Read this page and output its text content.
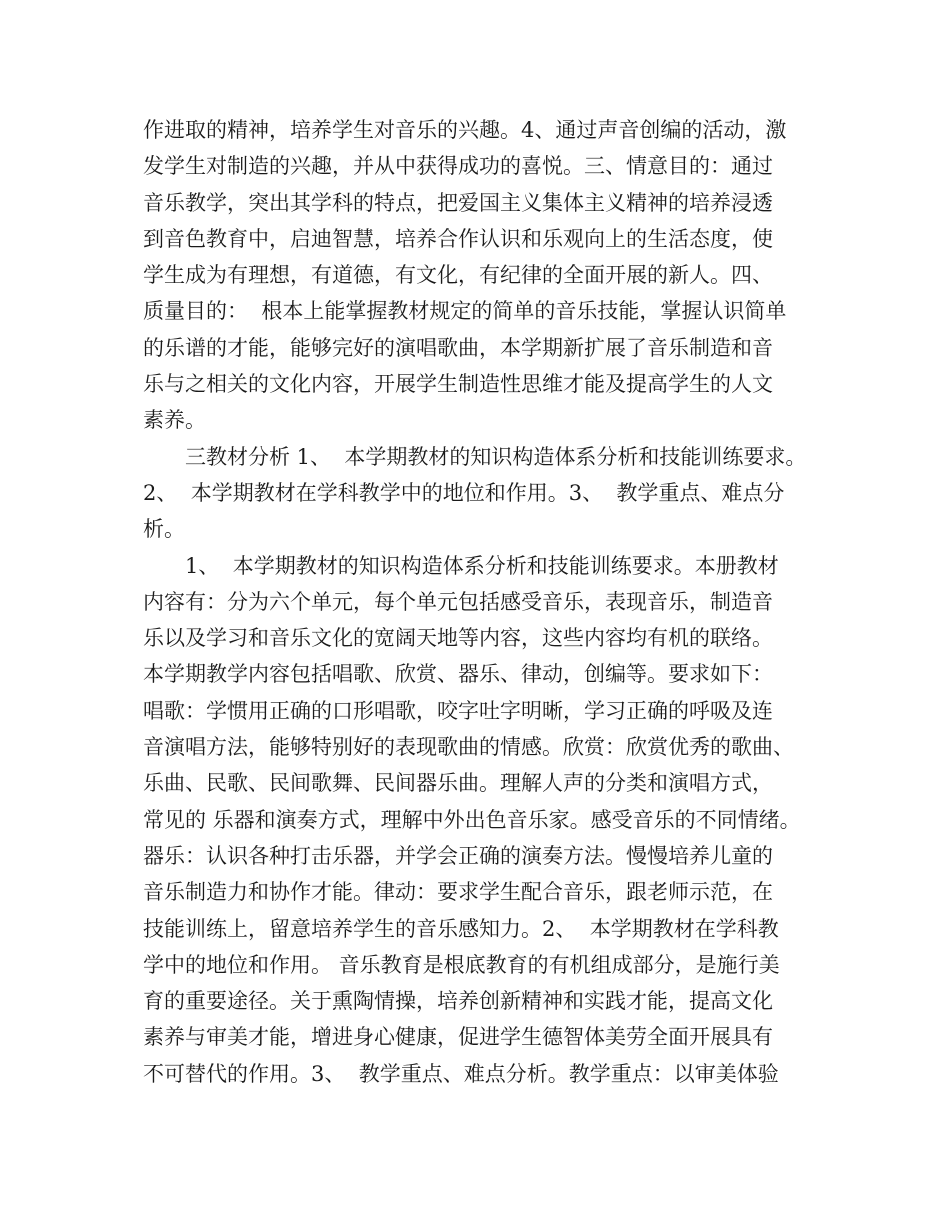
作进取的精神，培养学生对音乐的兴趣。4、通过声音创编的活动，激
发学生对制造的兴趣，并从中获得成功的喜悦。三、情意目的：通过
音乐教学，突出其学科的特点，把爱国主义集体主义精神的培养浸透
到音色教育中，启迪智慧，培养合作认识和乐观向上的生活态度，使
学生成为有理想，有道德，有文化，有纪律的全面开展的新人。四、
质量目的：  根本上能掌握教材规定的简单的音乐技能，掌握认识简单
的乐谱的才能，能够完好的演唱歌曲，本学期新扩展了音乐制造和音
乐与之相关的文化内容，开展学生制造性思维才能及提高学生的人文
素养。
三教材分析 1、  本学期教材的知识构造体系分析和技能训练要求。
2、  本学期教材在学科教学中的地位和作用。3、  教学重点、难点分
析。
1、  本学期教材的知识构造体系分析和技能训练要求。本册教材
内容有：分为六个单元，每个单元包括感受音乐，表现音乐，制造音
乐以及学习和音乐文化的宽阔天地等内容，这些内容均有机的联络。
本学期教学内容包括唱歌、欣赏、器乐、律动，创编等。要求如下：
唱歌：学惯用正确的口形唱歌，咬字吐字明晰，学习正确的呼吸及连
音演唱方法，能够特别好的表现歌曲的情感。欣赏：欣赏优秀的歌曲、
乐曲、民歌、民间歌舞、民间器乐曲。理解人声的分类和演唱方式，
常见的 乐器和演奏方式，理解中外出色音乐家。感受音乐的不同情绪。
器乐：认识各种打击乐器，并学会正确的演奏方法。慢慢培养儿童的
音乐制造力和协作才能。律动：要求学生配合音乐，跟老师示范，在
技能训练上，留意培养学生的音乐感知力。2、  本学期教材在学科教
学中的地位和作用。 音乐教育是根底教育的有机组成部分，是施行美
育的重要途径。关于熏陶情操，培养创新精神和实践才能，提高文化
素养与审美才能，增进身心健康，促进学生德智体美劳全面开展具有
不可替代的作用。3、  教学重点、难点分析。教学重点：以审美体验
